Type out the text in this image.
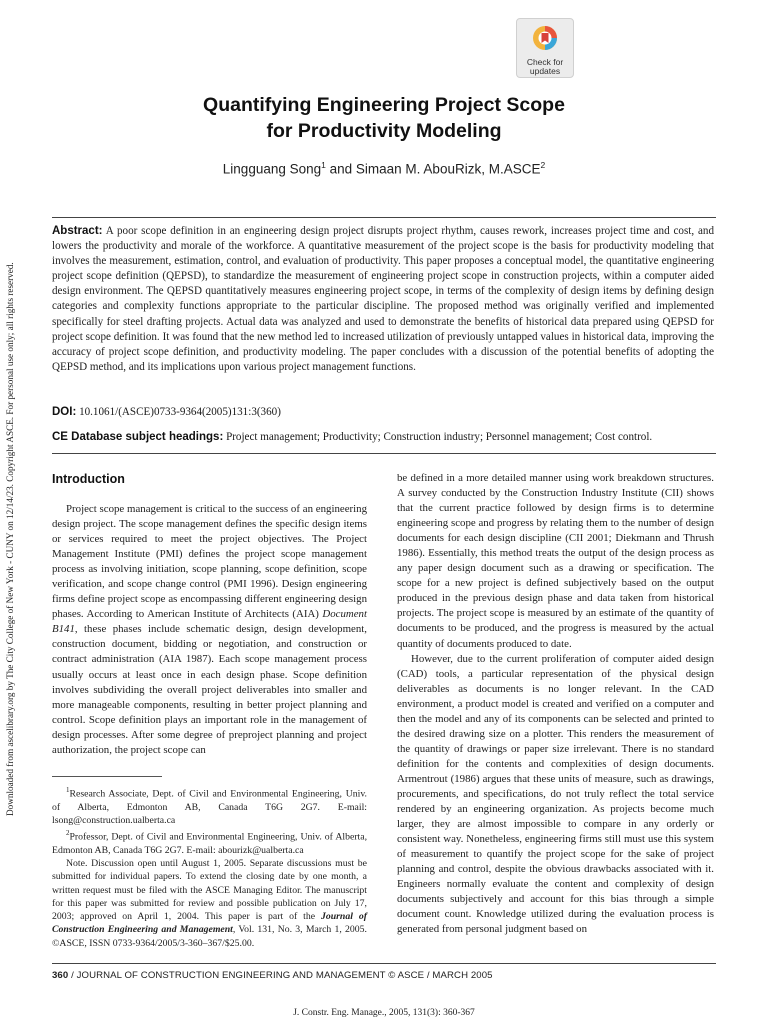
Downloaded from ascelibrary.org by The City College of New York - CUNY on 12/14/23. Copyright ASCE. For personal use only; all rights reserved.
Check for
updates
Quantifying Engineering Project Scope
for Productivity Modeling
Lingguang Song$^1$ and Simaan M. AbouRizk, M.ASCE$^2$
Abstract: A poor scope definition in an engineering design project disrupts project rhythm, causes rework, increases project time and cost, and lowers the productivity and morale of the workforce. A quantitative measurement of the project scope is the basis for productivity modeling that involves the measurement, estimation, control, and evaluation of productivity. This paper proposes a conceptual model, the quantitative engineering project scope definition (QEPSD), to standardize the measurement of engineering project scope in construction projects, within a computer aided design environment. The QEPSD quantitatively measures engineering project scope, in terms of the complexity of design items by defining design categories and complexity functions appropriate to the particular discipline. The proposed method was originally verified and implemented specifically for steel drafting projects. Actual data was analyzed and used to demonstrate the benefits of historical data prepared using QEPSD for project scope definition. It was found that the new method led to increased utilization of previously untapped values in historical data, improving the accuracy of project scope definition, and productivity modeling. The paper concludes with a discussion of the potential benefits of adopting the QEPSD method, and its implications upon various project management functions.
DOI: 10.1061/(ASCE)0733-9364(2005)131:3(360)
CE Database subject headings: Project management; Productivity; Construction industry; Personnel management; Cost control.
Introduction

Project scope management is critical to the success of an engineering design project. The scope management defines the specific design items or services required to meet the project objectives. The Project Management Institute (PMI) defines the project scope management process as involving initiation, scope planning, scope definition, scope verification, and scope change control (PMI 1996). Design engineering firms define project scope as encompassing different engineering design phases. According to American Institute of Architects (AIA) Document B141, these phases include schematic design, design development, construction document, bidding or negotiation, and construction or contract administration (AIA 1987). Each scope management process usually occurs at least once in each design phase. Scope definition involves subdividing the overall project deliverables into smaller and more manageable components, resulting in better project planning and control. Scope definition plays an important role in the management of design processes. After some degree of preproject planning and project authorization, the project scope can

$^1$Research Associate, Dept. of Civil and Environmental Engineering, Univ. of Alberta, Edmonton AB, Canada T6G 2G7. E-mail: lsong@construction.ualberta.ca

$^2$Professor, Dept. of Civil and Environmental Engineering, Univ. of Alberta, Edmonton AB, Canada T6G 2G7. E-mail: abourizk@ualberta.ca

Note. Discussion open until August 1, 2005. Separate discussions must be submitted for individual papers. To extend the closing date by one month, a written request must be filed with the ASCE Managing Editor. The manuscript for this paper was submitted for review and possible publication on July 17, 2003; approved on April 1, 2004. This paper is part of the Journal of Construction Engineering and Management, Vol. 131, No. 3, March 1, 2005. ©ASCE, ISSN 0733-9364/2005/3-360–367/$25.00.

be defined in a more detailed manner using work breakdown structures. A survey conducted by the Construction Industry Institute (CII) shows that the current practice followed by design firms is to determine engineering scope and progress by relating them to the number of design documents for each design discipline (CII 2001; Diekmann and Thrush 1986). Essentially, this method treats the output of the design process as any paper design document such as a drawing or specification. The scope for a new project is defined subjectively based on the output produced in the previous design phase and data taken from historical projects. The project scope is measured by an estimate of the quantity of documents to be produced, and the progress is measured by the actual quantity of documents produced to date.

However, due to the current proliferation of computer aided design (CAD) tools, a particular representation of the physical design deliverables as documents is no longer relevant. In the CAD environment, a product model is created and verified on a computer and then the model and any of its components can be selected and printed to the desired drawing size on a plotter. This renders the measurement of the quantity of drawings or paper size irrelevant. There is no standard definition for the contents and complexities of design documents. Armentrout (1986) argues that these units of measure, such as drawings, procurements, and specifications, do not truly reflect the total service rendered by an engineering organization. As projects become much larger, they are almost impossible to compare in any orderly or consistent way. Nonetheless, engineering firms still must use this system of measurement to quantify the project scope for the sake of project planning and control, despite the obvious drawbacks associated with it. Engineers normally evaluate the content and complexity of design documents subjectively and account for this bias through a simple document count. Knowledge utilized during the evaluation process is generated from personal judgment based on

360 / JOURNAL OF CONSTRUCTION ENGINEERING AND MANAGEMENT © ASCE / MARCH 2005
J. Constr. Eng. Manage., 2005, 131(3): 360-367
